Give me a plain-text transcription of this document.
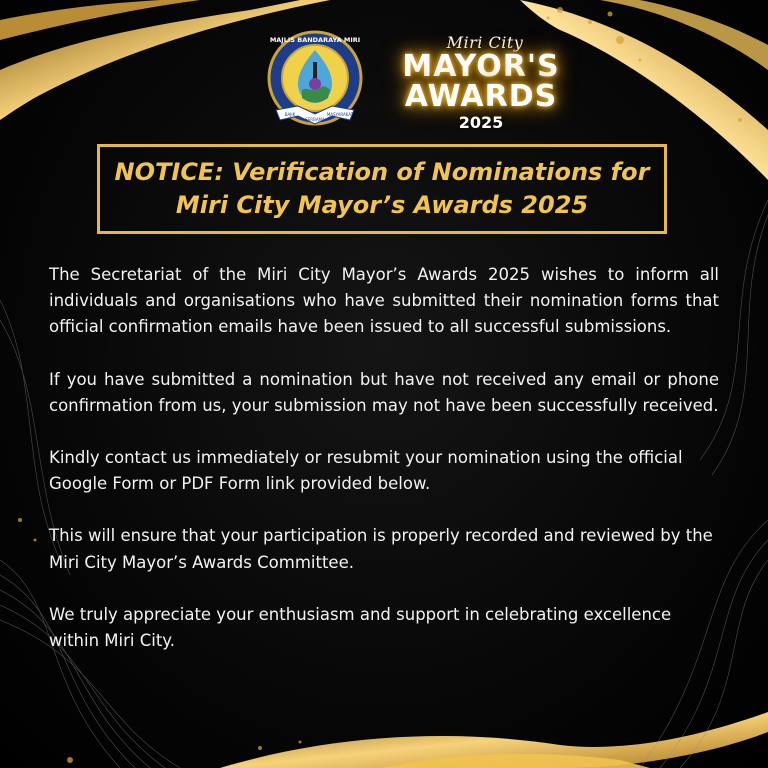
MAJLIS BANDARAYA MIRI
BAJIK
SERBAMA
MASYARAKAT
Miri City
MAYOR'S
AWARDS
2025
NOTICE: Verification of Nominations for
Miri City Mayor’s Awards 2025

The Secretariat of the Miri City Mayor’s Awards 2025 wishes to inform all individuals and organisations who have submitted their nomination forms that official confirmation emails have been issued to all successful submissions.

If you have submitted a nomination but have not received any email or phone confirmation from us, your submission may not have been successfully received.

Kindly contact us immediately or resubmit your nomination using the official Google Form or PDF Form link provided below.

This will ensure that your participation is properly recorded and reviewed by the Miri City Mayor’s Awards Committee.

We truly appreciate your enthusiasm and support in celebrating excellence within Miri City.
